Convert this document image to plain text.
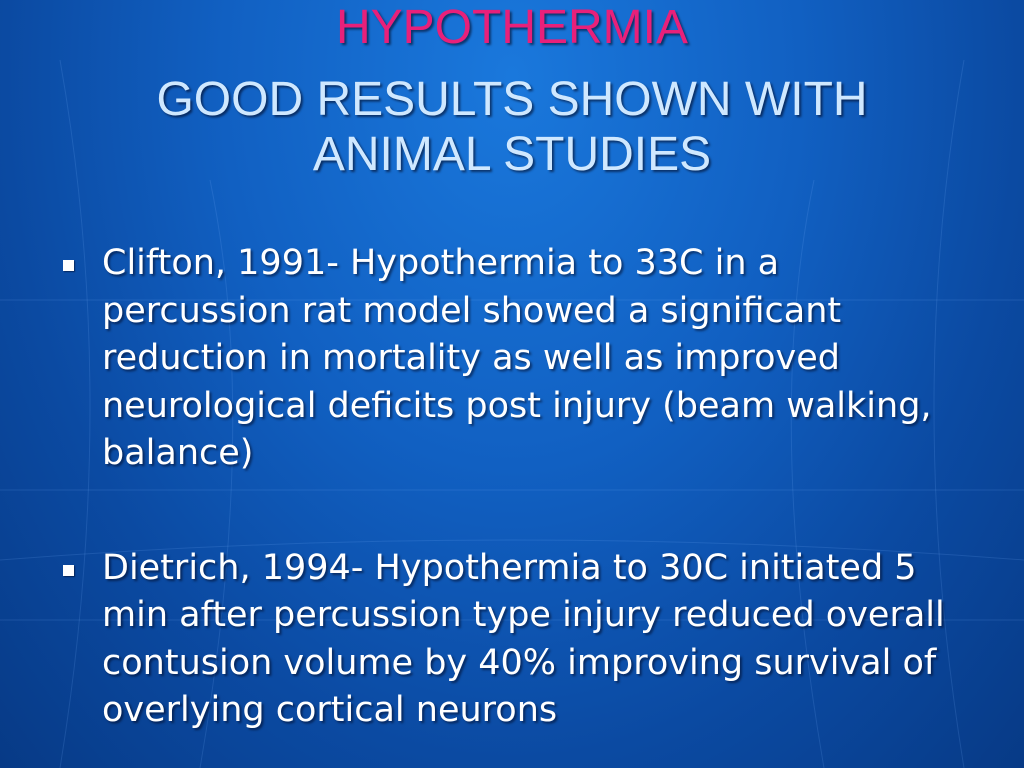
HYPOTHERMIA
GOOD RESULTS SHOWN WITH
ANIMAL STUDIES
Clifton, 1991- Hypothermia to 33C in a percussion rat model showed a significant reduction in mortality as well as improved neurological deficits post injury (beam walking, balance)
Dietrich, 1994- Hypothermia to 30C initiated 5 min after percussion type injury reduced overall contusion volume by 40% improving survival of overlying cortical neurons
